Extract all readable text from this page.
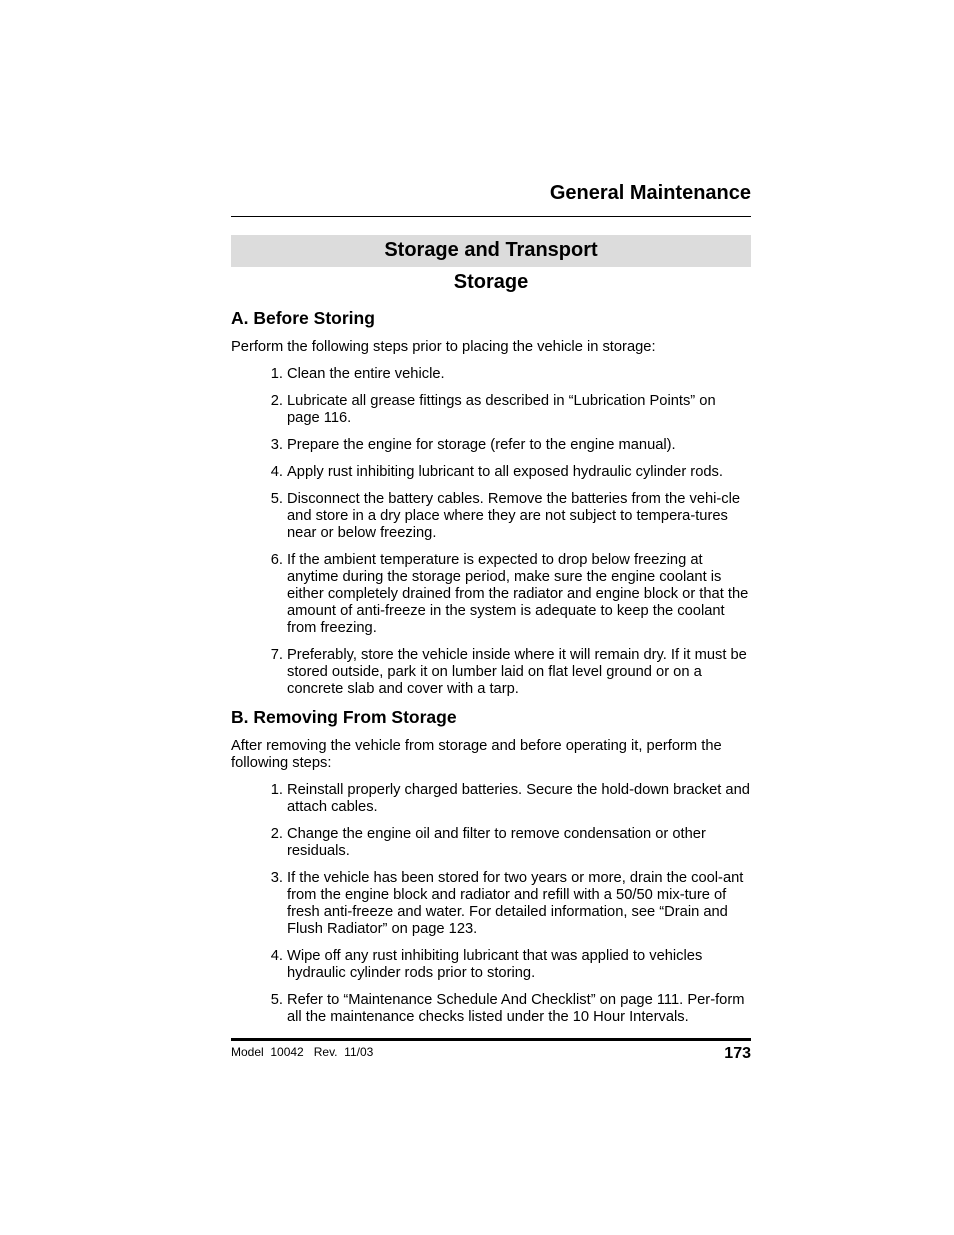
General Maintenance
Storage and Transport
Storage
A. Before Storing

Perform the following steps prior to placing the vehicle in storage:

1. Clean the entire vehicle.
2. Lubricate all grease fittings as described in “Lubrication Points” on page 116.
3. Prepare the engine for storage (refer to the engine manual).
4. Apply rust inhibiting lubricant to all exposed hydraulic cylinder rods.
5. Disconnect the battery cables. Remove the batteries from the vehi-cle and store in a dry place where they are not subject to tempera-tures near or below freezing.
6. If the ambient temperature is expected to drop below freezing at anytime during the storage period, make sure the engine coolant is either completely drained from the radiator and engine block or that the amount of anti-freeze in the system is adequate to keep the coolant from freezing.
7. Preferably, store the vehicle inside where it will remain dry. If it must be stored outside, park it on lumber laid on flat level ground or on a concrete slab and cover with a tarp.
B. Removing From Storage

After removing the vehicle from storage and before operating it, perform the following steps:

1. Reinstall properly charged batteries. Secure the hold-down bracket and attach cables.
2. Change the engine oil and filter to remove condensation or other residuals.
3. If the vehicle has been stored for two years or more, drain the cool-ant from the engine block and radiator and refill with a 50/50 mix-ture of fresh anti-freeze and water. For detailed information, see “Drain and Flush Radiator” on page 123.
4. Wipe off any rust inhibiting lubricant that was applied to vehicles hydraulic cylinder rods prior to storing.
5. Refer to “Maintenance Schedule And Checklist” on page 111. Per-form all the maintenance checks listed under the 10 Hour Intervals.
Model  10042   Rev.  11/03	173
